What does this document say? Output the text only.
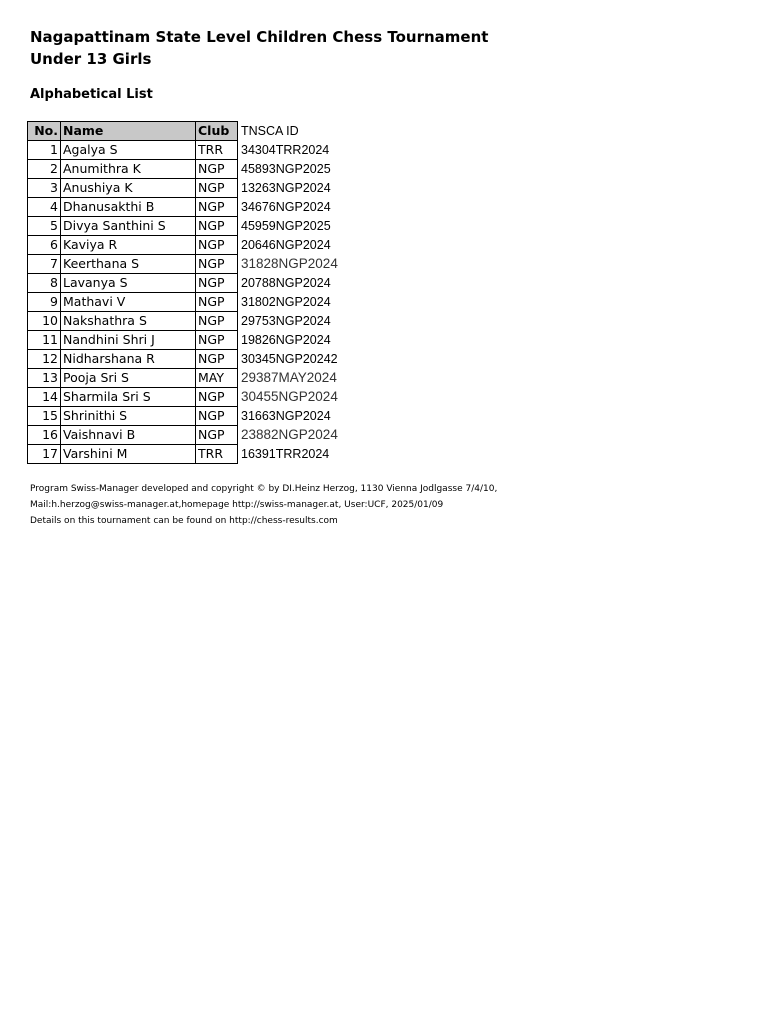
Nagapattinam State Level Children Chess Tournament
Under 13 Girls
Alphabetical List
No.	Name	Club	TNSCA ID
1	Agalya S	TRR	34304TRR2024
2	Anumithra K	NGP	45893NGP2025
3	Anushiya K	NGP	13263NGP2024
4	Dhanusakthi B	NGP	34676NGP2024
5	Divya Santhini S	NGP	45959NGP2025
6	Kaviya R	NGP	20646NGP2024
7	Keerthana S	NGP	31828NGP2024
8	Lavanya S	NGP	20788NGP2024
9	Mathavi V	NGP	31802NGP2024
10	Nakshathra S	NGP	29753NGP2024
11	Nandhini Shri J	NGP	19826NGP2024
12	Nidharshana R	NGP	30345NGP20242
13	Pooja Sri S	MAY	29387MAY2024
14	Sharmila Sri S	NGP	30455NGP2024
15	Shrinithi S	NGP	31663NGP2024
16	Vaishnavi B	NGP	23882NGP2024
17	Varshini M	TRR	16391TRR2024
Program Swiss-Manager developed and copyright © by DI.Heinz Herzog, 1130 Vienna Jodlgasse 7/4/10,
Mail:h.herzog@swiss-manager.at,homepage http://swiss-manager.at, User:UCF, 2025/01/09
Details on this tournament can be found on http://chess-results.com
